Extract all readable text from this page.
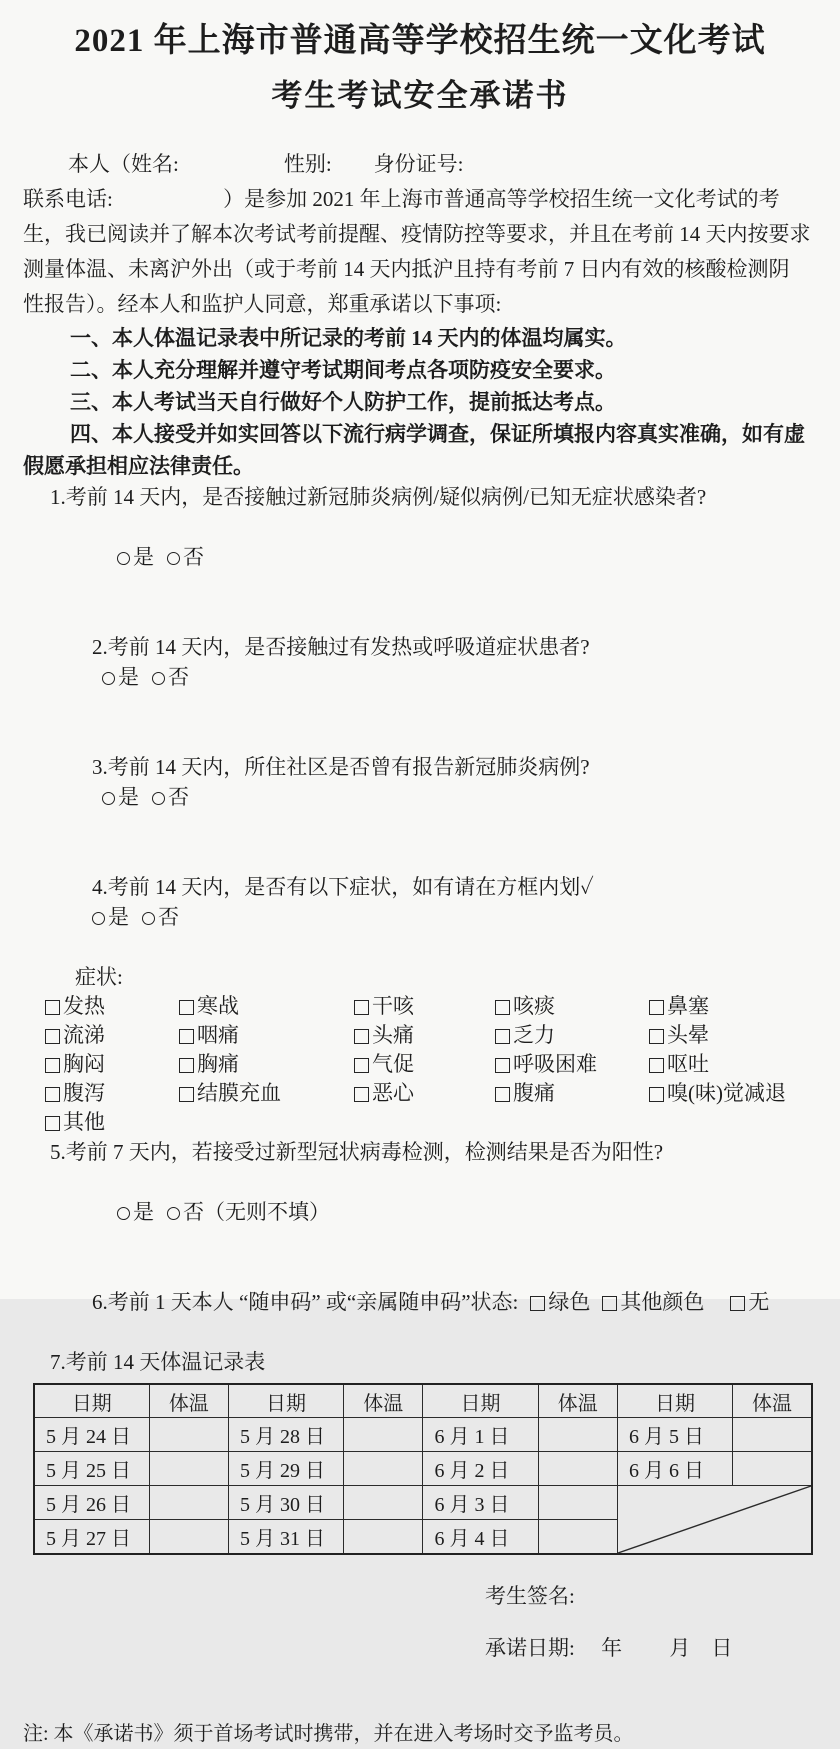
2021 年上海市普通高等学校招生统一文化考试
考生考试安全承诺书
本人（姓名:　　　　　性别:　　身份证号:
联系电话:　　　　　 ）是参加 2021 年上海市普通高等学校招生统一文化考试的考
生，我已阅读并了解本次考试考前提醒、疫情防控等要求，并且在考前 14 天内按要求
测量体温、未离沪外出（或于考前 14 天内抵沪且持有考前 7 日内有效的核酸检测阴
性报告）。经本人和监护人同意，郑重承诺以下事项:
一、本人体温记录表中所记录的考前 14 天内的体温均属实。
二、本人充分理解并遵守考试期间考点各项防疫安全要求。
三、本人考试当天自行做好个人防护工作，提前抵达考点。
四、本人接受并如实回答以下流行病学调查，保证所填报内容真实准确，如有虚
假愿承担相应法律责任。
1.考前 14 天内，是否接触过新冠肺炎病例/疑似病例/已知无症状感染者?

是 否

2.考前 14 天内，是否接触过有发热或呼吸道症状患者?
是 否

3.考前 14 天内，所住社区是否曾有报告新冠肺炎病例?
是 否

4.考前 14 天内，是否有以下症状，如有请在方框内划✓
是 否

症状:
发热	寒战	干咳	咳痰	鼻塞
流涕	咽痛	头痛	乏力	头晕
胸闷	胸痛	气促	呼吸困难	呕吐
腹泻	结膜充血	恶心	腹痛	嗅(味)觉减退
其他
5.考前 7 天内，若接受过新型冠状病毒检测，检测结果是否为阳性?

是 否（无则不填）

6.考前 1 天本人 “随申码” 或“亲属随申码”状态: 绿色 其他颜色 无

7.考前 14 天体温记录表
日期	体温	日期	体温	日期	体温	日期	体温
5 月 24 日		5 月 28 日		6 月 1 日		6 月 5 日	
5 月 25 日		5 月 29 日		6 月 2 日		6 月 6 日	
5 月 26 日		5 月 30 日		6 月 3 日		

5 月 27 日		5 月 31 日		6 月 4 日			
考生签名:
承诺日期:　 年　　 月　日
注: 本《承诺书》须于首场考试时携带，并在进入考场时交予监考员。
